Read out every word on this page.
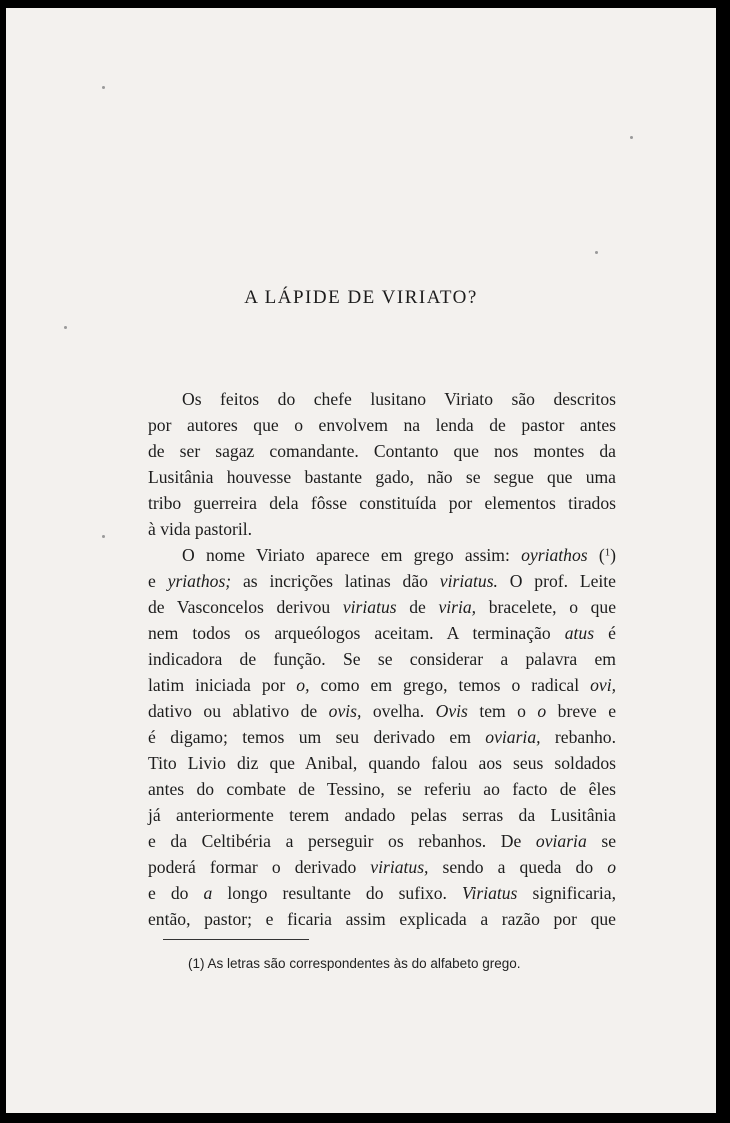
A LÁPIDE DE VIRIATO?
Os feitos do chefe lusitano Viriato são descritos
por autores que o envolvem na lenda de pastor antes
de ser sagaz comandante. Contanto que nos montes da
Lusitânia houvesse bastante gado, não se segue que uma
tribo guerreira dela fôsse constituída por elementos tirados
à vida pastoril.
O nome Viriato aparece em grego assim: oyriathos ($^1$)
e yriathos; as incrições latinas dão viriatus. O prof. Leite
de Vasconcelos derivou viriatus de viria, bracelete, o que
nem todos os arqueólogos aceitam. A terminação atus é
indicadora de função. Se se considerar a palavra em
latim iniciada por o, como em grego, temos o radical ovi,
dativo ou ablativo de ovis, ovelha. Ovis tem o o breve e
é digamo; temos um seu derivado em oviaria, rebanho.
Tito Livio diz que Anibal, quando falou aos seus soldados
antes do combate de Tessino, se referiu ao facto de êles
já anteriormente terem andado pelas serras da Lusitânia
e da Celtibéria a perseguir os rebanhos. De oviaria se
poderá formar o derivado viriatus, sendo a queda do o
e do a longo resultante do sufixo. Viriatus significaria,
então, pastor; e ficaria assim explicada a razão por que
(1) As letras são correspondentes às do alfabeto grego.
